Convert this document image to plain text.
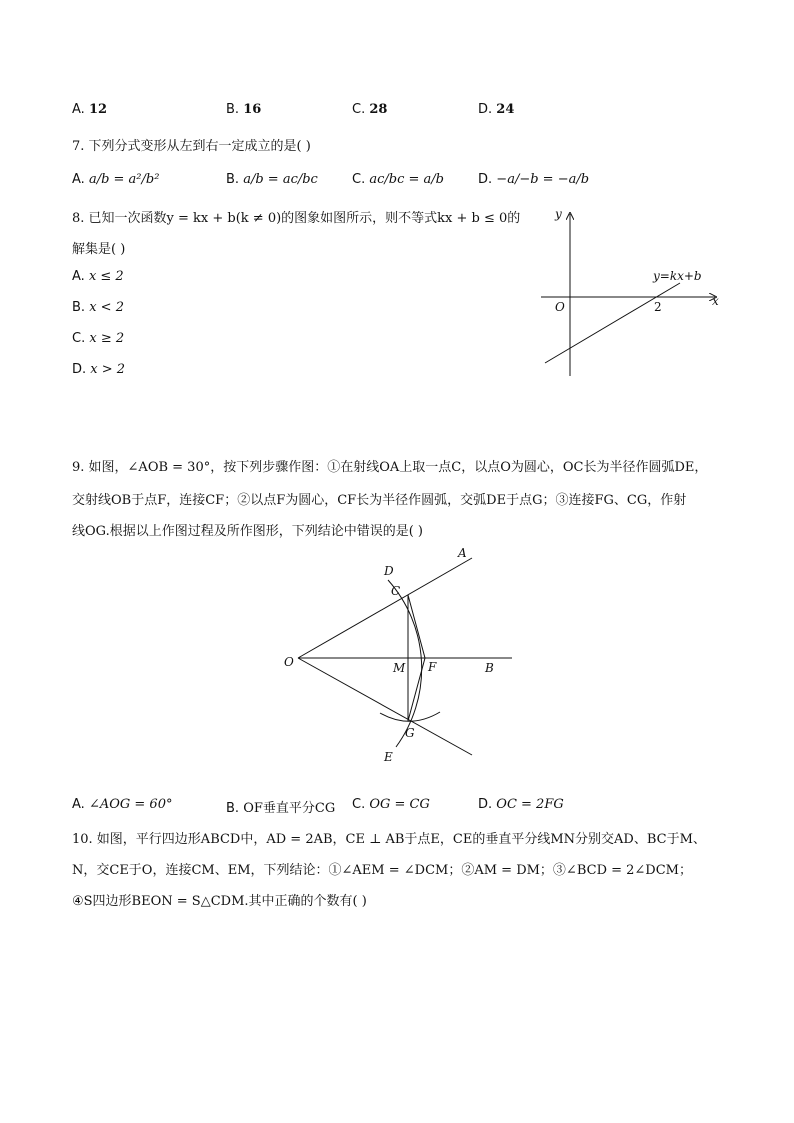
A. 12	B. 16	C. 28	D. 24
7. 下列分式变形从左到右一定成立的是( )
A. a/b = a²/b²	B. a/b = ac/bc	C. ac/bc = a/b	D. −a/−b = −a/b
8. 已知一次函数y = kx + b(k ≠ 0)的图象如图所示，则不等式kx + b ≤ 0的
解集是( )
A. x ≤ 2
B. x < 2
C. x ≥ 2
D. x > 2
y
x
O	2
y=kx+b
9. 如图，∠AOB = 30°，按下列步骤作图：①在射线OA上取一点C，以点O为圆心，OC长为半径作圆弧DE，
交射线OB于点F，连接CF；②以点F为圆心，CF长为半径作圆弧，交弧DE于点G；③连接FG、CG，作射
线OG.根据以上作图过程及所作图形，下列结论中错误的是( )
A
D
C
O	M F	B
G
E
A. ∠AOG = 60°	B. OF垂直平分CG C. OG = CG	D. OC = 2FG
10. 如图，平行四边形ABCD中，AD = 2AB，CE ⊥ AB于点E，CE的垂直平分线MN分别交AD、BC于M、
N，交CE于O，连接CM、EM，下列结论：①∠AEM = ∠DCM；②AM = DM；③∠BCD = 2∠DCM；
④S四边形BEON = S△CDM.其中正确的个数有( )
